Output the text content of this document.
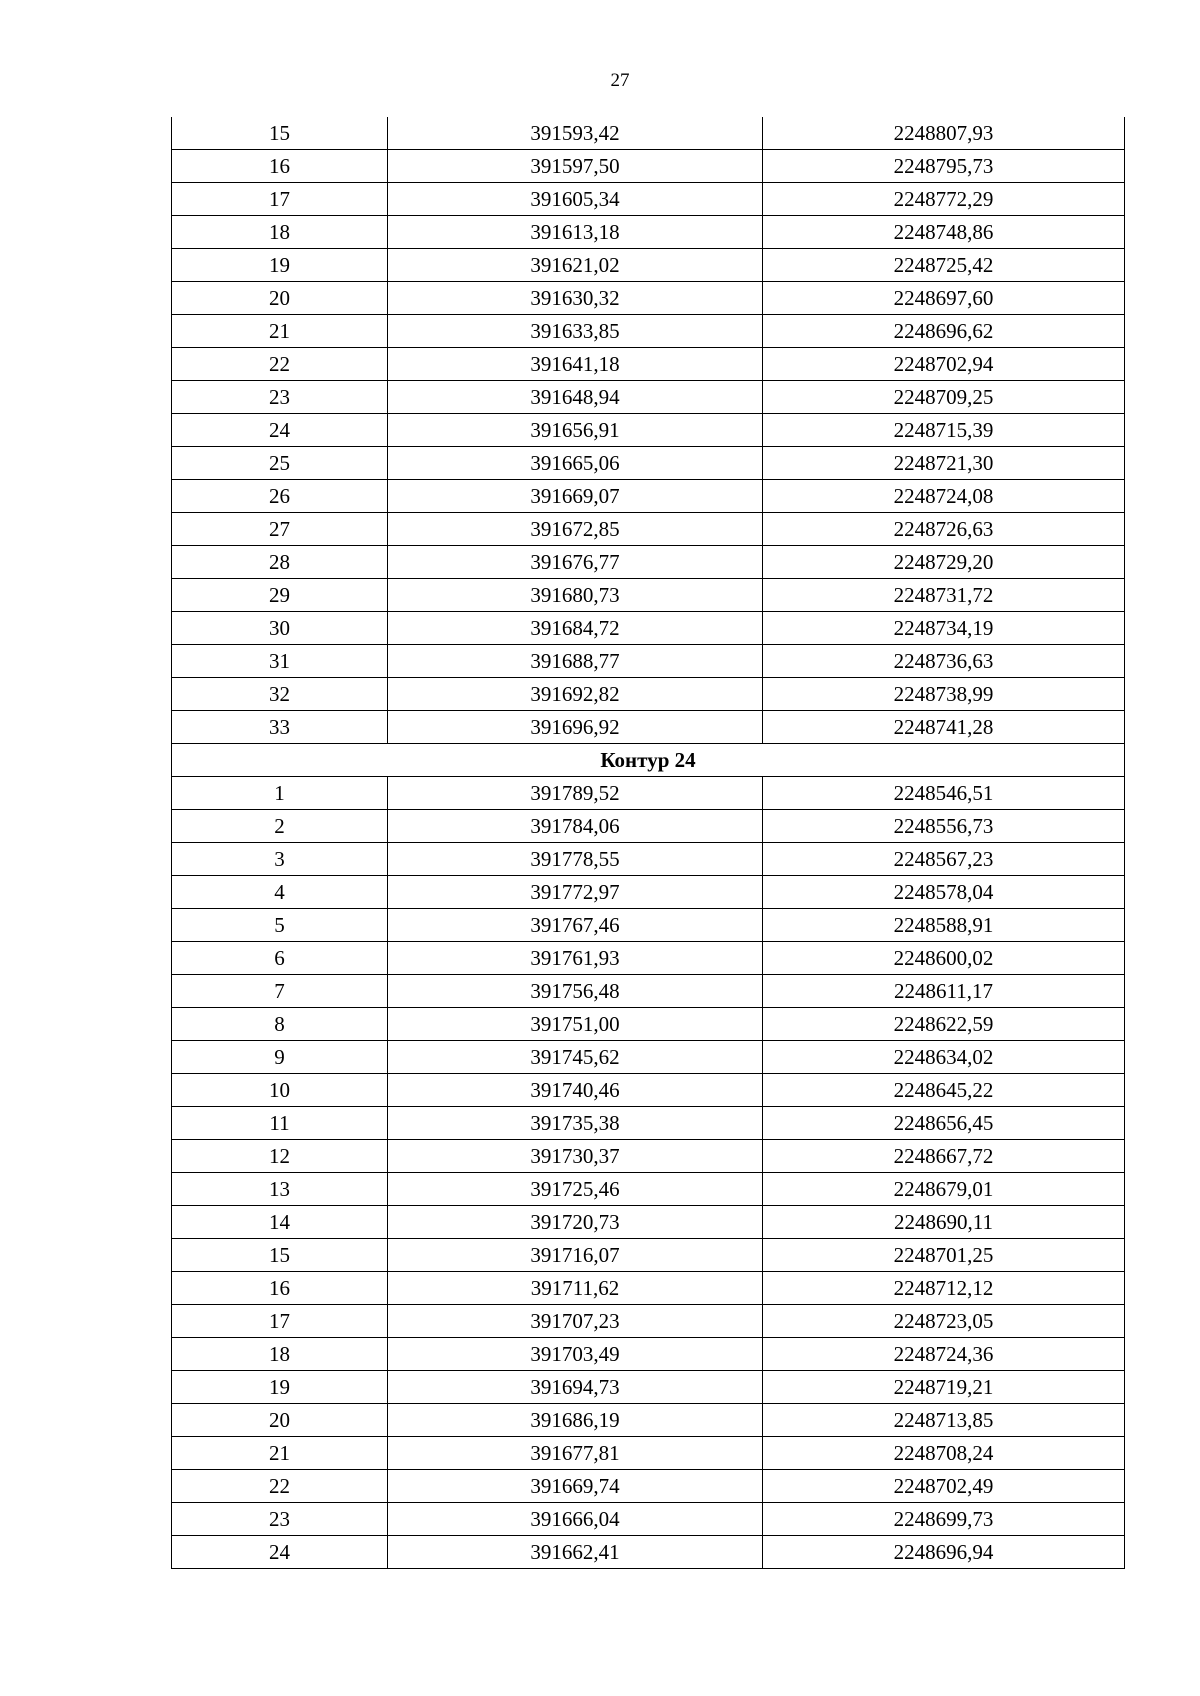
27
15	391593,42	2248807,93
16	391597,50	2248795,73
17	391605,34	2248772,29
18	391613,18	2248748,86
19	391621,02	2248725,42
20	391630,32	2248697,60
21	391633,85	2248696,62
22	391641,18	2248702,94
23	391648,94	2248709,25
24	391656,91	2248715,39
25	391665,06	2248721,30
26	391669,07	2248724,08
27	391672,85	2248726,63
28	391676,77	2248729,20
29	391680,73	2248731,72
30	391684,72	2248734,19
31	391688,77	2248736,63
32	391692,82	2248738,99
33	391696,92	2248741,28
Контур 24		
1	391789,52	2248546,51
2	391784,06	2248556,73
3	391778,55	2248567,23
4	391772,97	2248578,04
5	391767,46	2248588,91
6	391761,93	2248600,02
7	391756,48	2248611,17
8	391751,00	2248622,59
9	391745,62	2248634,02
10	391740,46	2248645,22
11	391735,38	2248656,45
12	391730,37	2248667,72
13	391725,46	2248679,01
14	391720,73	2248690,11
15	391716,07	2248701,25
16	391711,62	2248712,12
17	391707,23	2248723,05
18	391703,49	2248724,36
19	391694,73	2248719,21
20	391686,19	2248713,85
21	391677,81	2248708,24
22	391669,74	2248702,49
23	391666,04	2248699,73
24	391662,41	2248696,94
